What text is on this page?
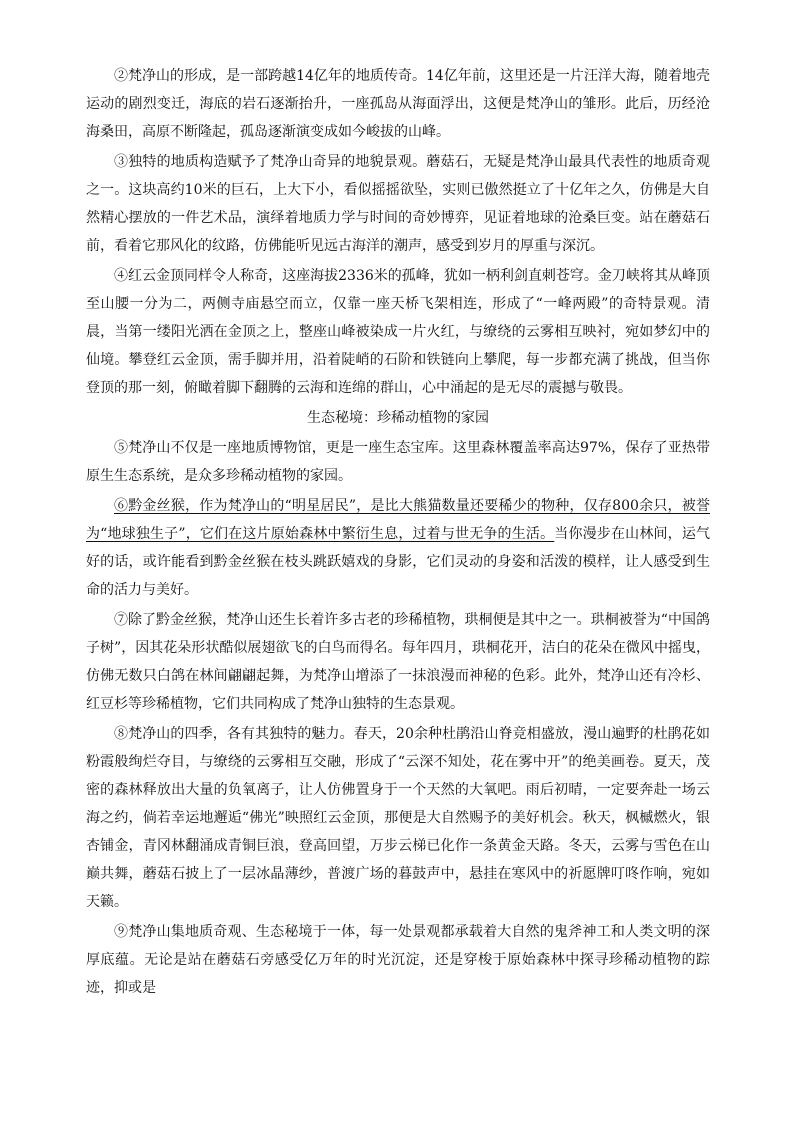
②梵净山的形成，是一部跨越14亿年的地质传奇。14亿年前，这里还是一片汪洋大海，随着地壳运动的剧烈变迁，海底的岩石逐渐抬升，一座孤岛从海面浮出，这便是梵净山的雏形。此后，历经沧海桑田，高原不断隆起，孤岛逐渐演变成如今峻拔的山峰。

③独特的地质构造赋予了梵净山奇异的地貌景观。蘑菇石，无疑是梵净山最具代表性的地质奇观之一。这块高约10米的巨石，上大下小，看似摇摇欲坠，实则已傲然挺立了十亿年之久，仿佛是大自然精心摆放的一件艺术品，演绎着地质力学与时间的奇妙博弈，见证着地球的沧桑巨变。站在蘑菇石前，看着它那风化的纹路，仿佛能听见远古海洋的潮声，感受到岁月的厚重与深沉。

④红云金顶同样令人称奇，这座海拔2336米的孤峰，犹如一柄利剑直刺苍穹。金刀峡将其从峰顶至山腰一分为二，两侧寺庙悬空而立，仅靠一座天桥飞架相连，形成了“一峰两殿”的奇特景观。清晨，当第一缕阳光洒在金顶之上，整座山峰被染成一片火红，与缭绕的云雾相互映衬，宛如梦幻中的仙境。攀登红云金顶，需手脚并用，沿着陡峭的石阶和铁链向上攀爬，每一步都充满了挑战，但当你登顶的那一刻，俯瞰着脚下翻腾的云海和连绵的群山，心中涌起的是无尽的震撼与敬畏。

生态秘境：珍稀动植物的家园

⑤梵净山不仅是一座地质博物馆，更是一座生态宝库。这里森林覆盖率高达97%，保存了亚热带原生生态系统，是众多珍稀动植物的家园。

⑥黔金丝猴，作为梵净山的“明星居民”，是比大熊猫数量还要稀少的物种，仅存800余只，被誉为“地球独生子”，它们在这片原始森林中繁衍生息，过着与世无争的生活。当你漫步在山林间，运气好的话，或许能看到黔金丝猴在枝头跳跃嬉戏的身影，它们灵动的身姿和活泼的模样，让人感受到生命的活力与美好。

⑦除了黔金丝猴，梵净山还生长着许多古老的珍稀植物，珙桐便是其中之一。珙桐被誉为“中国鸽子树”，因其花朵形状酷似展翅欲飞的白鸟而得名。每年四月，珙桐花开，洁白的花朵在微风中摇曳，仿佛无数只白鸽在林间翩翩起舞，为梵净山增添了一抹浪漫而神秘的色彩。此外，梵净山还有冷杉、红豆杉等珍稀植物，它们共同构成了梵净山独特的生态景观。

⑧梵净山的四季，各有其独特的魅力。春天，20余种杜鹃沿山脊竞相盛放，漫山遍野的杜鹃花如粉霞般绚烂夺目，与缭绕的云雾相互交融，形成了“云深不知处，花在雾中开”的绝美画卷。夏天，茂密的森林释放出大量的负氧离子，让人仿佛置身于一个天然的大氧吧。雨后初晴，一定要奔赴一场云海之约，倘若幸运地邂逅“佛光”映照红云金顶，那便是大自然赐予的美好机会。秋天，枫槭燃火，银杏铺金，青冈林翻涌成青铜巨浪，登高回望，万步云梯已化作一条黄金天路。冬天，云雾与雪色在山巅共舞，蘑菇石披上了一层冰晶薄纱，普渡广场的暮鼓声中，悬挂在寒风中的祈愿牌叮咚作响，宛如天籁。

⑨梵净山集地质奇观、生态秘境于一体，每一处景观都承载着大自然的鬼斧神工和人类文明的深厚底蕴。无论是站在蘑菇石旁感受亿万年的时光沉淀，还是穿梭于原始森林中探寻珍稀动植物的踪迹，抑或是
